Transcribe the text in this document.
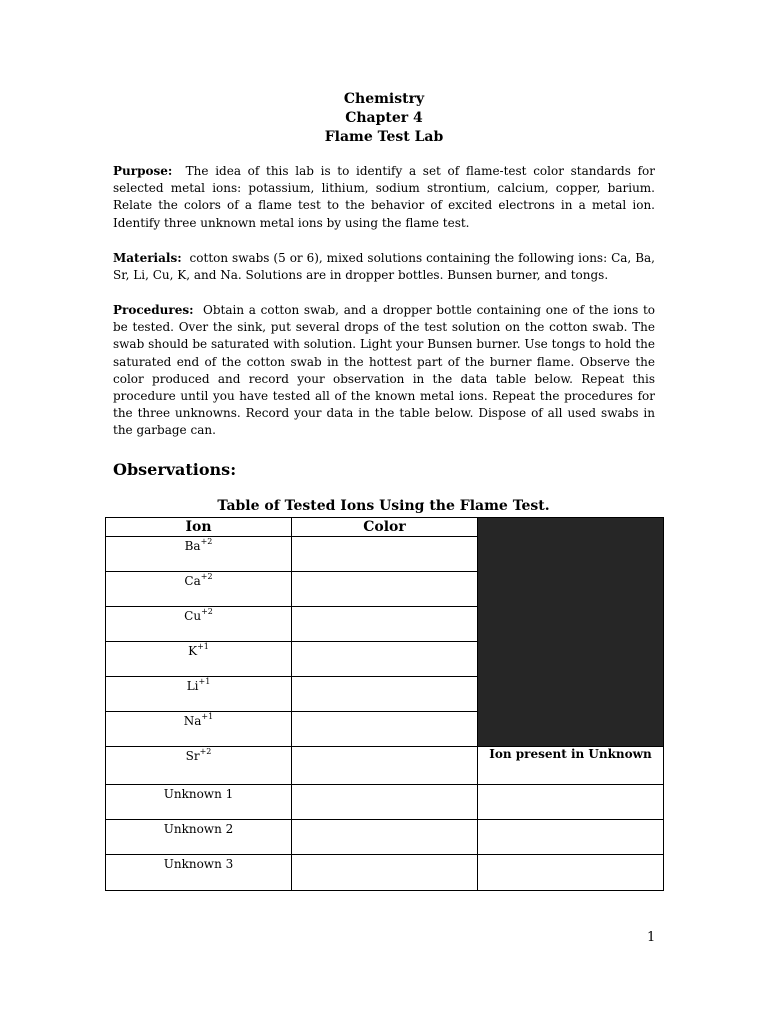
Chemistry
Chapter 4
Flame Test Lab
Purpose: The idea of this lab is to identify a set of flame-test color standards for selected metal ions: potassium, lithium, sodium strontium, calcium, copper, barium. Relate the colors of a flame test to the behavior of excited electrons in a metal ion. Identify three unknown metal ions by using the flame test.
Materials: cotton swabs (5 or 6), mixed solutions containing the following ions: Ca, Ba, Sr, Li, Cu, K, and Na. Solutions are in dropper bottles. Bunsen burner, and tongs.
Procedures: Obtain a cotton swab, and a dropper bottle containing one of the ions to be tested. Over the sink, put several drops of the test solution on the cotton swab. The swab should be saturated with solution. Light your Bunsen burner. Use tongs to hold the saturated end of the cotton swab in the hottest part of the burner flame. Observe the color produced and record your observation in the data table below. Repeat this procedure until you have tested all of the known metal ions. Repeat the procedures for the three unknowns. Record your data in the table below. Dispose of all used swabs in the garbage can.
Observations:
Table of Tested Ions Using the Flame Test.
Ion	Color	
$Ba^{+2}$	
$Ca^{+2}$	
$Cu^{+2}$	
$K^{+1}$	
$Li^{+1}$	
$Na^{+1}$	
$Sr^{+2}$		Ion present in Unknown
Unknown 1		
Unknown 2		
Unknown 3		
1
